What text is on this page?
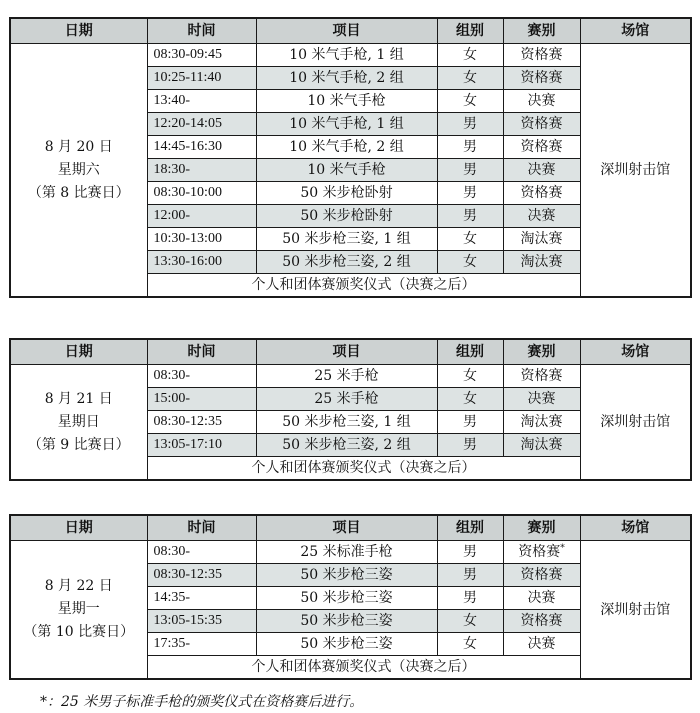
日期	时间	项目	组别	赛别	场馆

8 月 20 日
星期六
（第 8 比赛日）	08:30-09:45	10 米气手枪, 1 组	女	资格赛	深圳射击馆
	10:25-11:40	10 米气手枪, 2 组	女	资格赛	
	13:40-	10 米气手枪	女	决赛	
	12:20-14:05	10 米气手枪, 1 组	男	资格赛	
	14:45-16:30	10 米气手枪, 2 组	男	资格赛	
	18:30-	10 米气手枪	男	决赛	
	08:30-10:00	50 米步枪卧射	男	资格赛	
	12:00-	50 米步枪卧射	男	决赛	
	10:30-13:00	50 米步枪三姿, 1 组	女	淘汰赛	
	13:30-16:00	50 米步枪三姿, 2 组	女	淘汰赛	
	个人和团体赛颁奖仪式（决赛之后）				
日期	时间	项目	组别	赛别	场馆

8 月 21 日
星期日
（第 9 比赛日）	08:30-	25 米手枪	女	资格赛	深圳射击馆
	15:00-	25 米手枪	女	决赛	
	08:30-12:35	50 米步枪三姿, 1 组	男	淘汰赛	
	13:05-17:10	50 米步枪三姿, 2 组	男	淘汰赛	
	个人和团体赛颁奖仪式（决赛之后）				
日期	时间	项目	组别	赛别	场馆

8 月 22 日
星期一
（第 10 比赛日）	08:30-	25 米标准手枪	男	资格赛*	深圳射击馆
	08:30-12:35	50 米步枪三姿	男	资格赛	
	14:35-	50 米步枪三姿	男	决赛	
	13:05-15:35	50 米步枪三姿	女	资格赛	
	17:35-	50 米步枪三姿	女	决赛	
	个人和团体赛颁奖仪式（决赛之后）				
*：25 米男子标准手枪的颁奖仪式在资格赛后进行。
